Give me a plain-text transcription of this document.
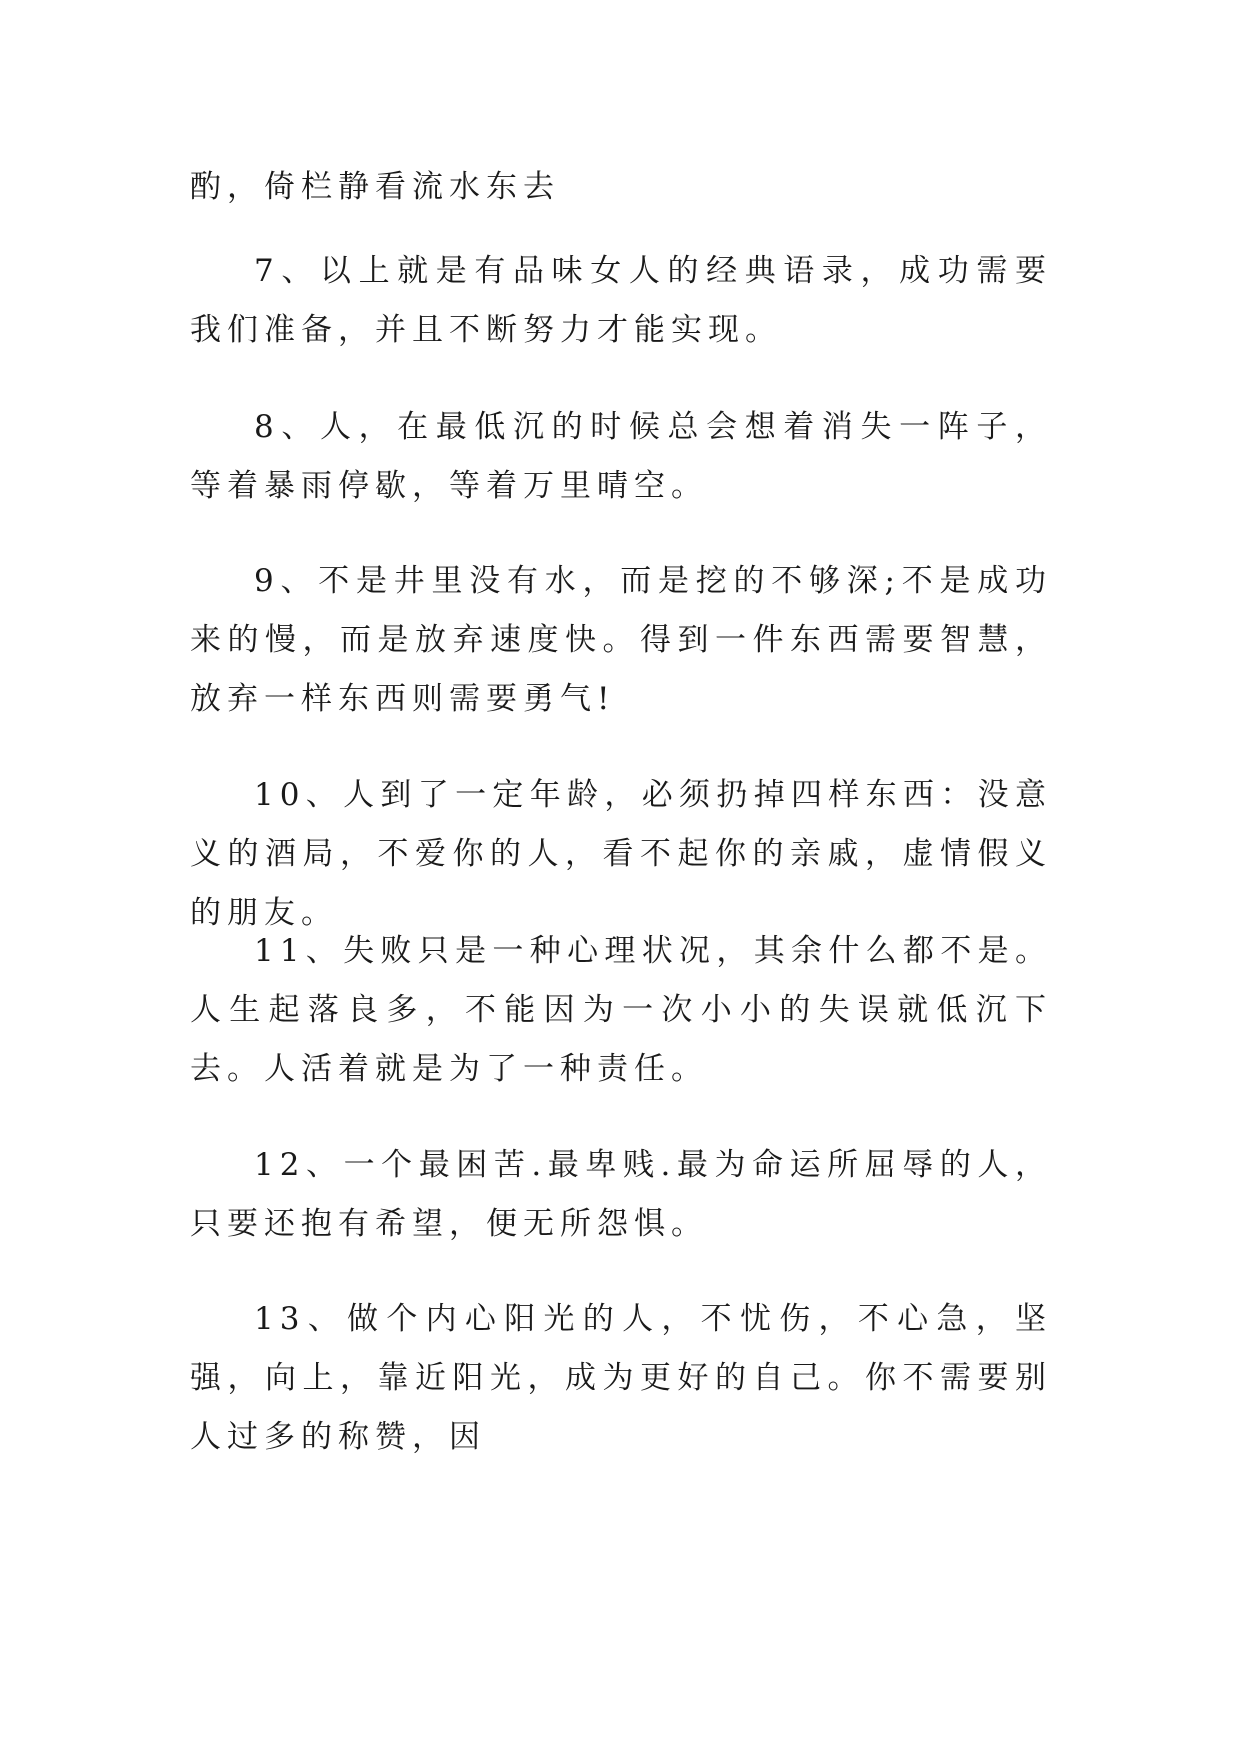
酌，倚栏静看流水东去

7、以上就是有品味女人的经典语录，成功需要我们准备，并且不断努力才能实现。

8、人，在最低沉的时候总会想着消失一阵子，等着暴雨停歇，等着万里晴空。

9、不是井里没有水，而是挖的不够深;不是成功来的慢，而是放弃速度快。得到一件东西需要智慧，放弃一样东西则需要勇气!

10、人到了一定年龄，必须扔掉四样东西：没意义的酒局，不爱你的人，看不起你的亲戚，虚情假义的朋友。

11、失败只是一种心理状况，其余什么都不是。人生起落良多，不能因为一次小小的失误就低沉下去。人活着就是为了一种责任。

12、一个最困苦.最卑贱.最为命运所屈辱的人，只要还抱有希望，便无所怨惧。

13、做个内心阳光的人，不忧伤，不心急，坚强，向上，靠近阳光，成为更好的自己。你不需要别人过多的称赞，因
